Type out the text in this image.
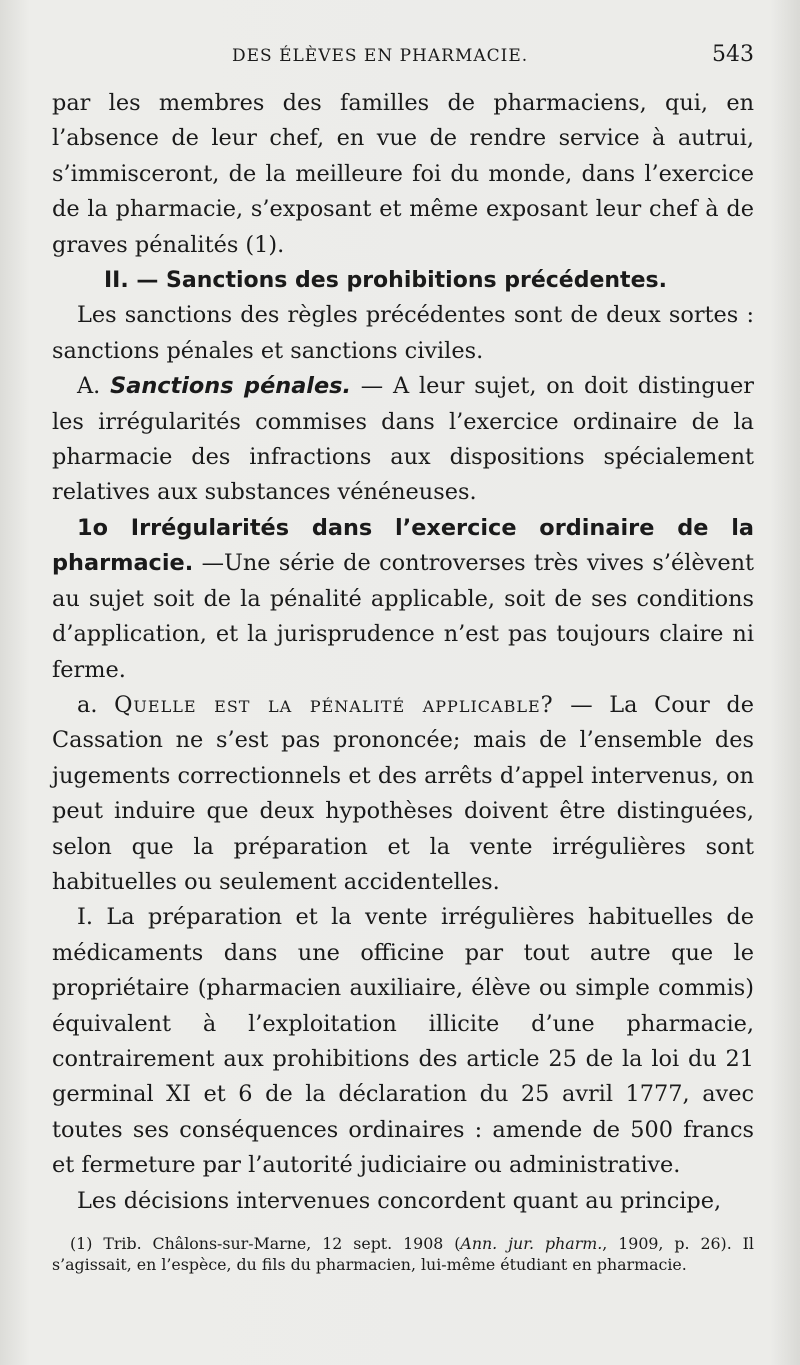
DES ÉLÈVES EN PHARMACIE.	543

par les membres des familles de pharmaciens, qui, en l’absence de leur chef, en vue de rendre service à autrui, s’immisceront, de la meilleure foi du monde, dans l’exercice de la pharmacie, s’exposant et même exposant leur chef à de graves pénalités (1).

II. — Sanctions des prohibitions précédentes.

Les sanctions des règles précédentes sont de deux sortes : sanctions pénales et sanctions civiles.

A. Sanctions pénales. — A leur sujet, on doit distinguer les irrégularités commises dans l’exercice ordinaire de la pharmacie des infractions aux dispositions spécialement relatives aux substances vénéneuses.

1o Irrégularités dans l’exercice ordinaire de la pharmacie. —Une série de controverses très vives s’élèvent au sujet soit de la pénalité applicable, soit de ses conditions d’application, et la jurisprudence n’est pas toujours claire ni ferme.

a. Quelle est la pénalité applicable? — La Cour de Cassation ne s’est pas prononcée; mais de l’ensemble des jugements correctionnels et des arrêts d’appel intervenus, on peut induire que deux hypothèses doivent être distinguées, selon que la préparation et la vente irrégulières sont habituelles ou seulement accidentelles.

I. La préparation et la vente irrégulières habituelles de médicaments dans une officine par tout autre que le propriétaire (pharmacien auxiliaire, élève ou simple commis) équivalent à l’exploitation illicite d’une pharmacie, contrairement aux prohibitions des article 25 de la loi du 21 germinal XI et 6 de la déclaration du 25 avril 1777, avec toutes ses conséquences ordinaires : amende de 500 francs et fermeture par l’autorité judiciaire ou administrative.

Les décisions intervenues concordent quant au principe,

(1) Trib. Châlons-sur-Marne, 12 sept. 1908 (Ann. jur. pharm., 1909, p. 26). Il s’agissait, en l’espèce, du fils du pharmacien, lui-même étudiant en pharmacie.
